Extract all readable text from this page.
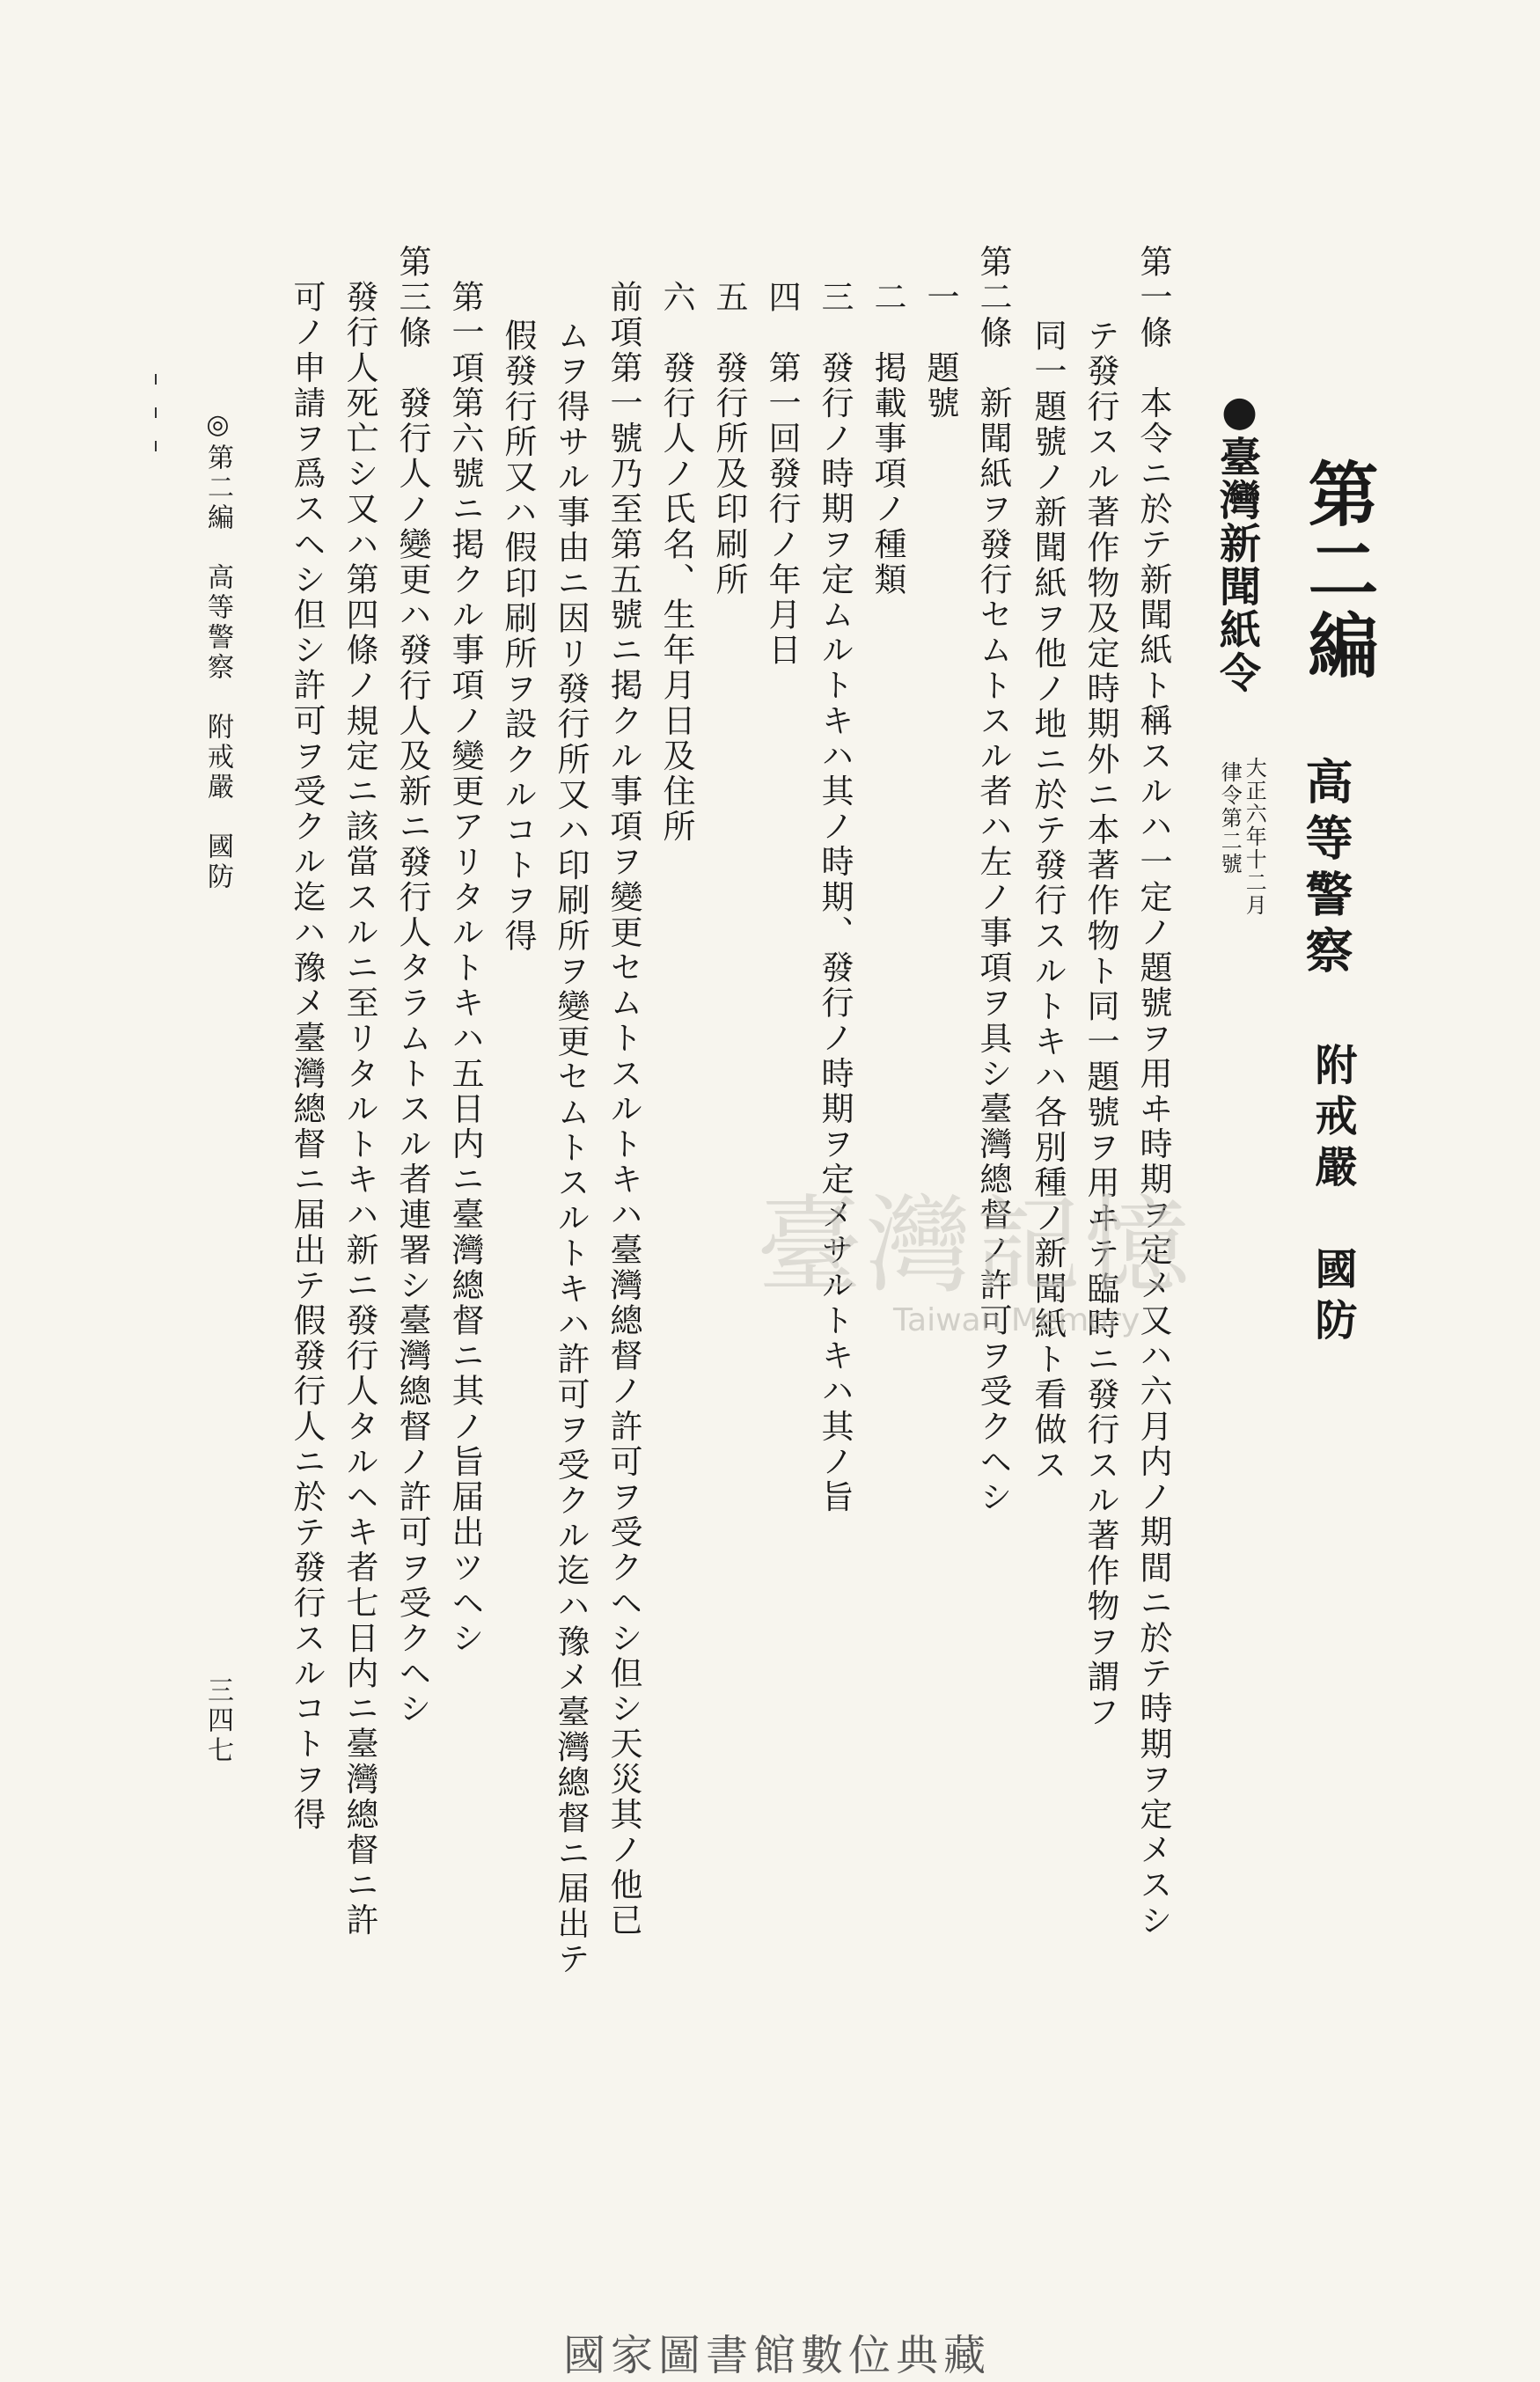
第二編
高等警察
附戒嚴　國防
●
臺灣新聞紙令
大正六年十二月
律令第二號
第一條　本令ニ於テ新聞紙ト稱スルハ一定ノ題號ヲ用ヰ時期ヲ定メ又ハ六月内ノ期間ニ於テ時期ヲ定メスシ
テ發行スル著作物及定時期外ニ本著作物ト同一題號ヲ用ヰテ臨時ニ發行スル著作物ヲ謂フ
同一題號ノ新聞紙ヲ他ノ地ニ於テ發行スルトキハ各別種ノ新聞紙ト看做ス
第二條　新聞紙ヲ發行セムトスル者ハ左ノ事項ヲ具シ臺灣總督ノ許可ヲ受クヘシ
一　題號
二　掲載事項ノ種類
三　發行ノ時期ヲ定ムルトキハ其ノ時期、發行ノ時期ヲ定メサルトキハ其ノ旨
四　第一回發行ノ年月日
五　發行所及印刷所
六　發行人ノ氏名、生年月日及住所
前項第一號乃至第五號ニ掲クル事項ヲ變更セムトスルトキハ臺灣總督ノ許可ヲ受クヘシ但シ天災其ノ他已
ムヲ得サル事由ニ因リ發行所又ハ印刷所ヲ變更セムトスルトキハ許可ヲ受クル迄ハ豫メ臺灣總督ニ届出テ
假發行所又ハ假印刷所ヲ設クルコトヲ得
第一項第六號ニ掲クル事項ノ變更アリタルトキハ五日内ニ臺灣總督ニ其ノ旨届出ツヘシ
第三條　發行人ノ變更ハ發行人及新ニ發行人タラムトスル者連署シ臺灣總督ノ許可ヲ受クヘシ
發行人死亡シ又ハ第四條ノ規定ニ該當スルニ至リタルトキハ新ニ發行人タルヘキ者七日内ニ臺灣總督ニ許
可ノ申請ヲ爲スヘシ但シ許可ヲ受クル迄ハ豫メ臺灣總督ニ届出テ假發行人ニ於テ發行スルコトヲ得
◎第二編　高等警察　附戒嚴　國防
三四七
臺灣記憶
Taiwan Memory
國家圖書館數位典藏
